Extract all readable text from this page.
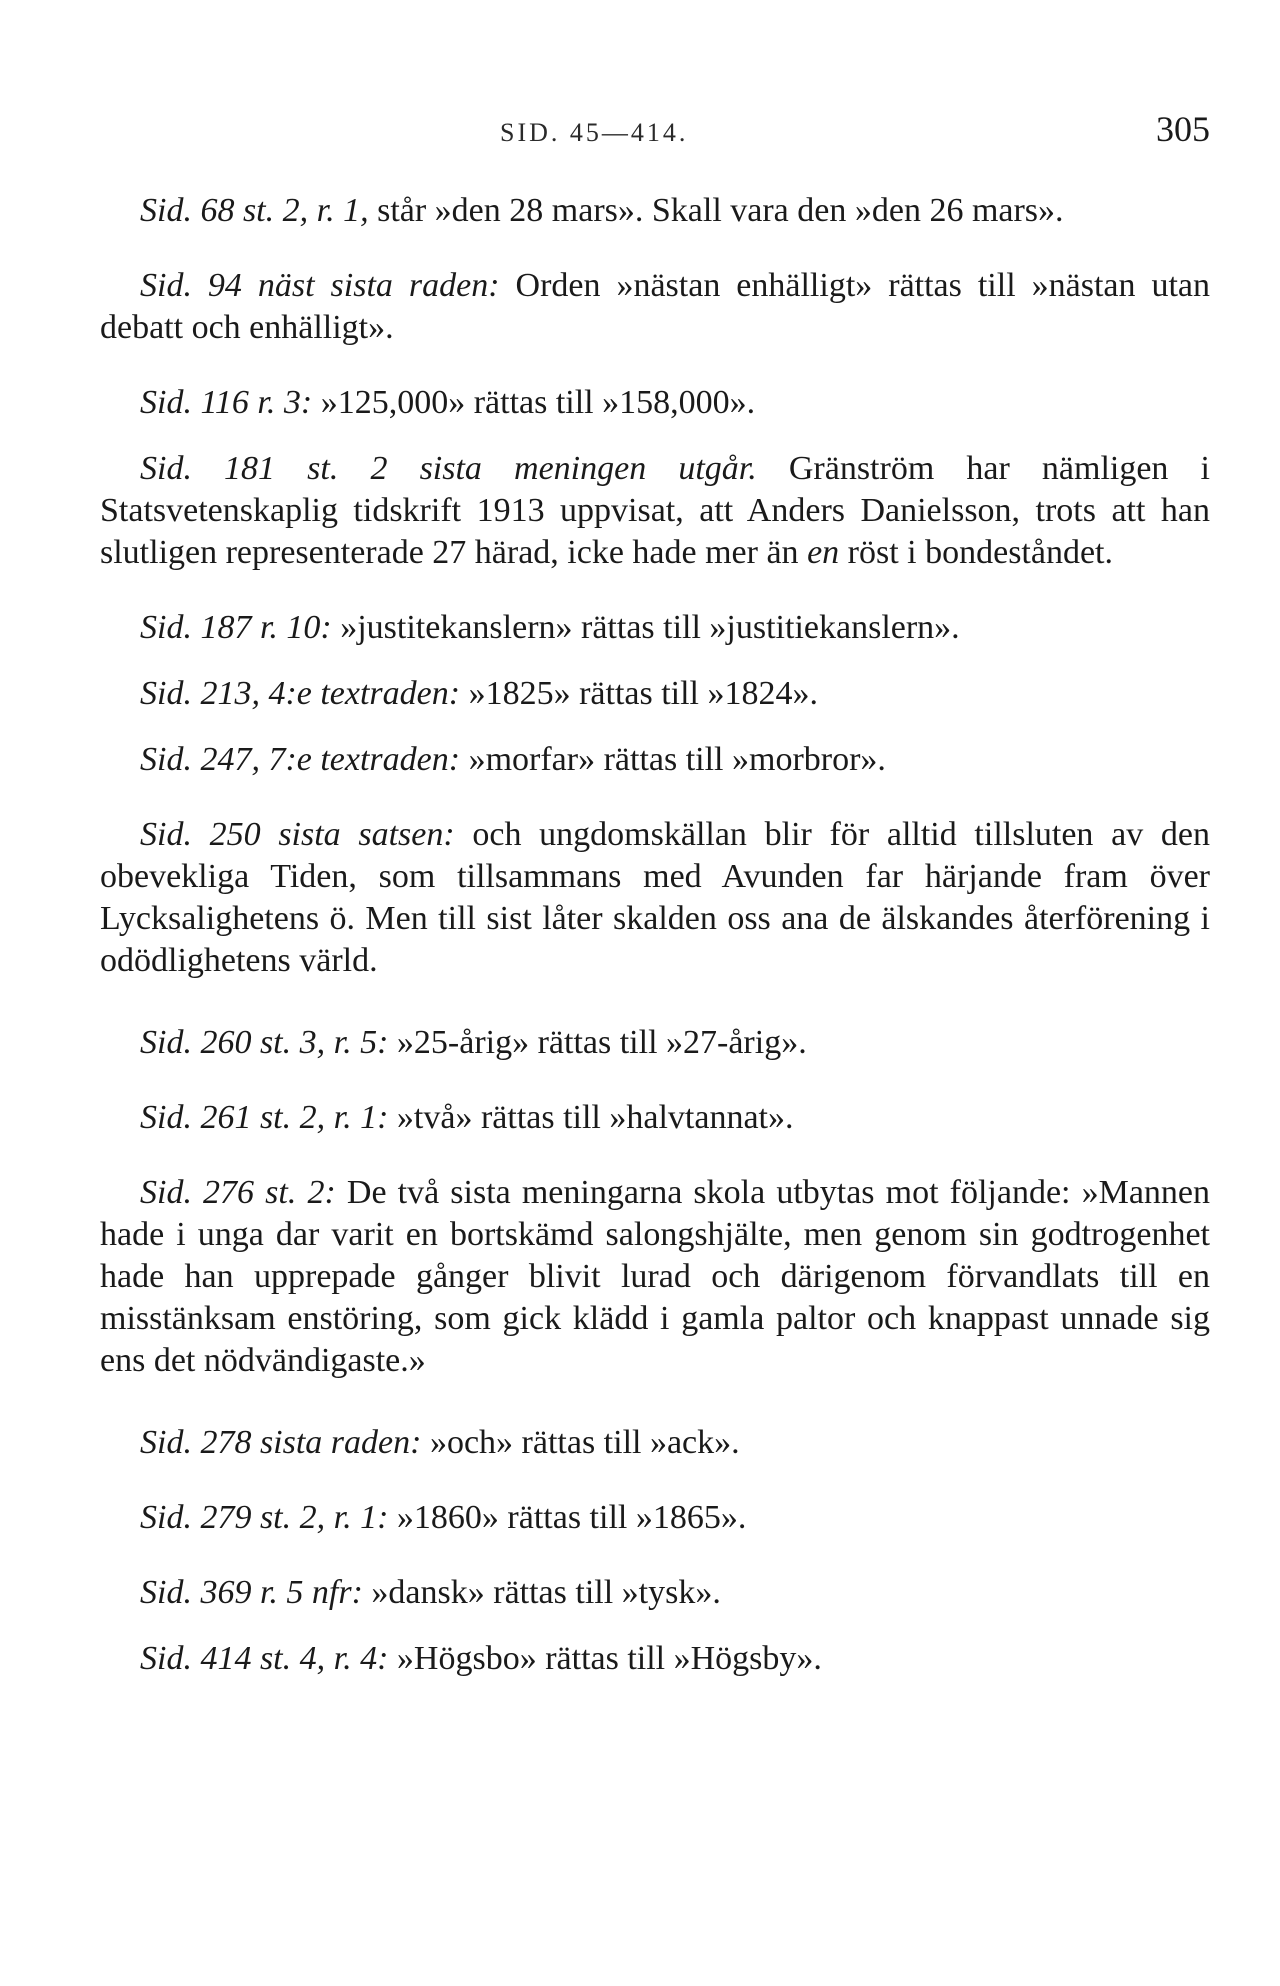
SID. 45—414.	305

Sid. 68 st. 2, r. 1, står »den 28 mars». Skall vara den »den 26 mars».

Sid. 94 näst sista raden: Orden »nästan enhälligt» rättas till »nästan utan debatt och enhälligt».

Sid. 116 r. 3: »125,000» rättas till »158,000».

Sid. 181 st. 2 sista meningen utgår. Gränström har nämligen i Statsvetenskaplig tidskrift 1913 uppvisat, att Anders Danielsson, trots att han slutligen representerade 27 härad, icke hade mer än en röst i bondeståndet.

Sid. 187 r. 10: »justitekanslern» rättas till »justitiekanslern».

Sid. 213, 4:e textraden: »1825» rättas till »1824».

Sid. 247, 7:e textraden: »morfar» rättas till »morbror».

Sid. 250 sista satsen: och ungdomskällan blir för alltid tillsluten av den obevekliga Tiden, som tillsammans med Avunden far härjande fram över Lycksalighetens ö. Men till sist låter skalden oss ana de älskandes återförening i odödlighetens värld.

Sid. 260 st. 3, r. 5: »25-årig» rättas till »27-årig».

Sid. 261 st. 2, r. 1: »två» rättas till »halvtannat».

Sid. 276 st. 2: De två sista meningarna skola utbytas mot följande: »Mannen hade i unga dar varit en bortskämd salongshjälte, men genom sin godtrogenhet hade han upprepade gånger blivit lurad och därigenom förvandlats till en misstänksam enstöring, som gick klädd i gamla paltor och knappast unnade sig ens det nödvändigaste.»

Sid. 278 sista raden: »och» rättas till »ack».

Sid. 279 st. 2, r. 1: »1860» rättas till »1865».

Sid. 369 r. 5 nfr: »dansk» rättas till »tysk».

Sid. 414 st. 4, r. 4: »Högsbo» rättas till »Högsby».
